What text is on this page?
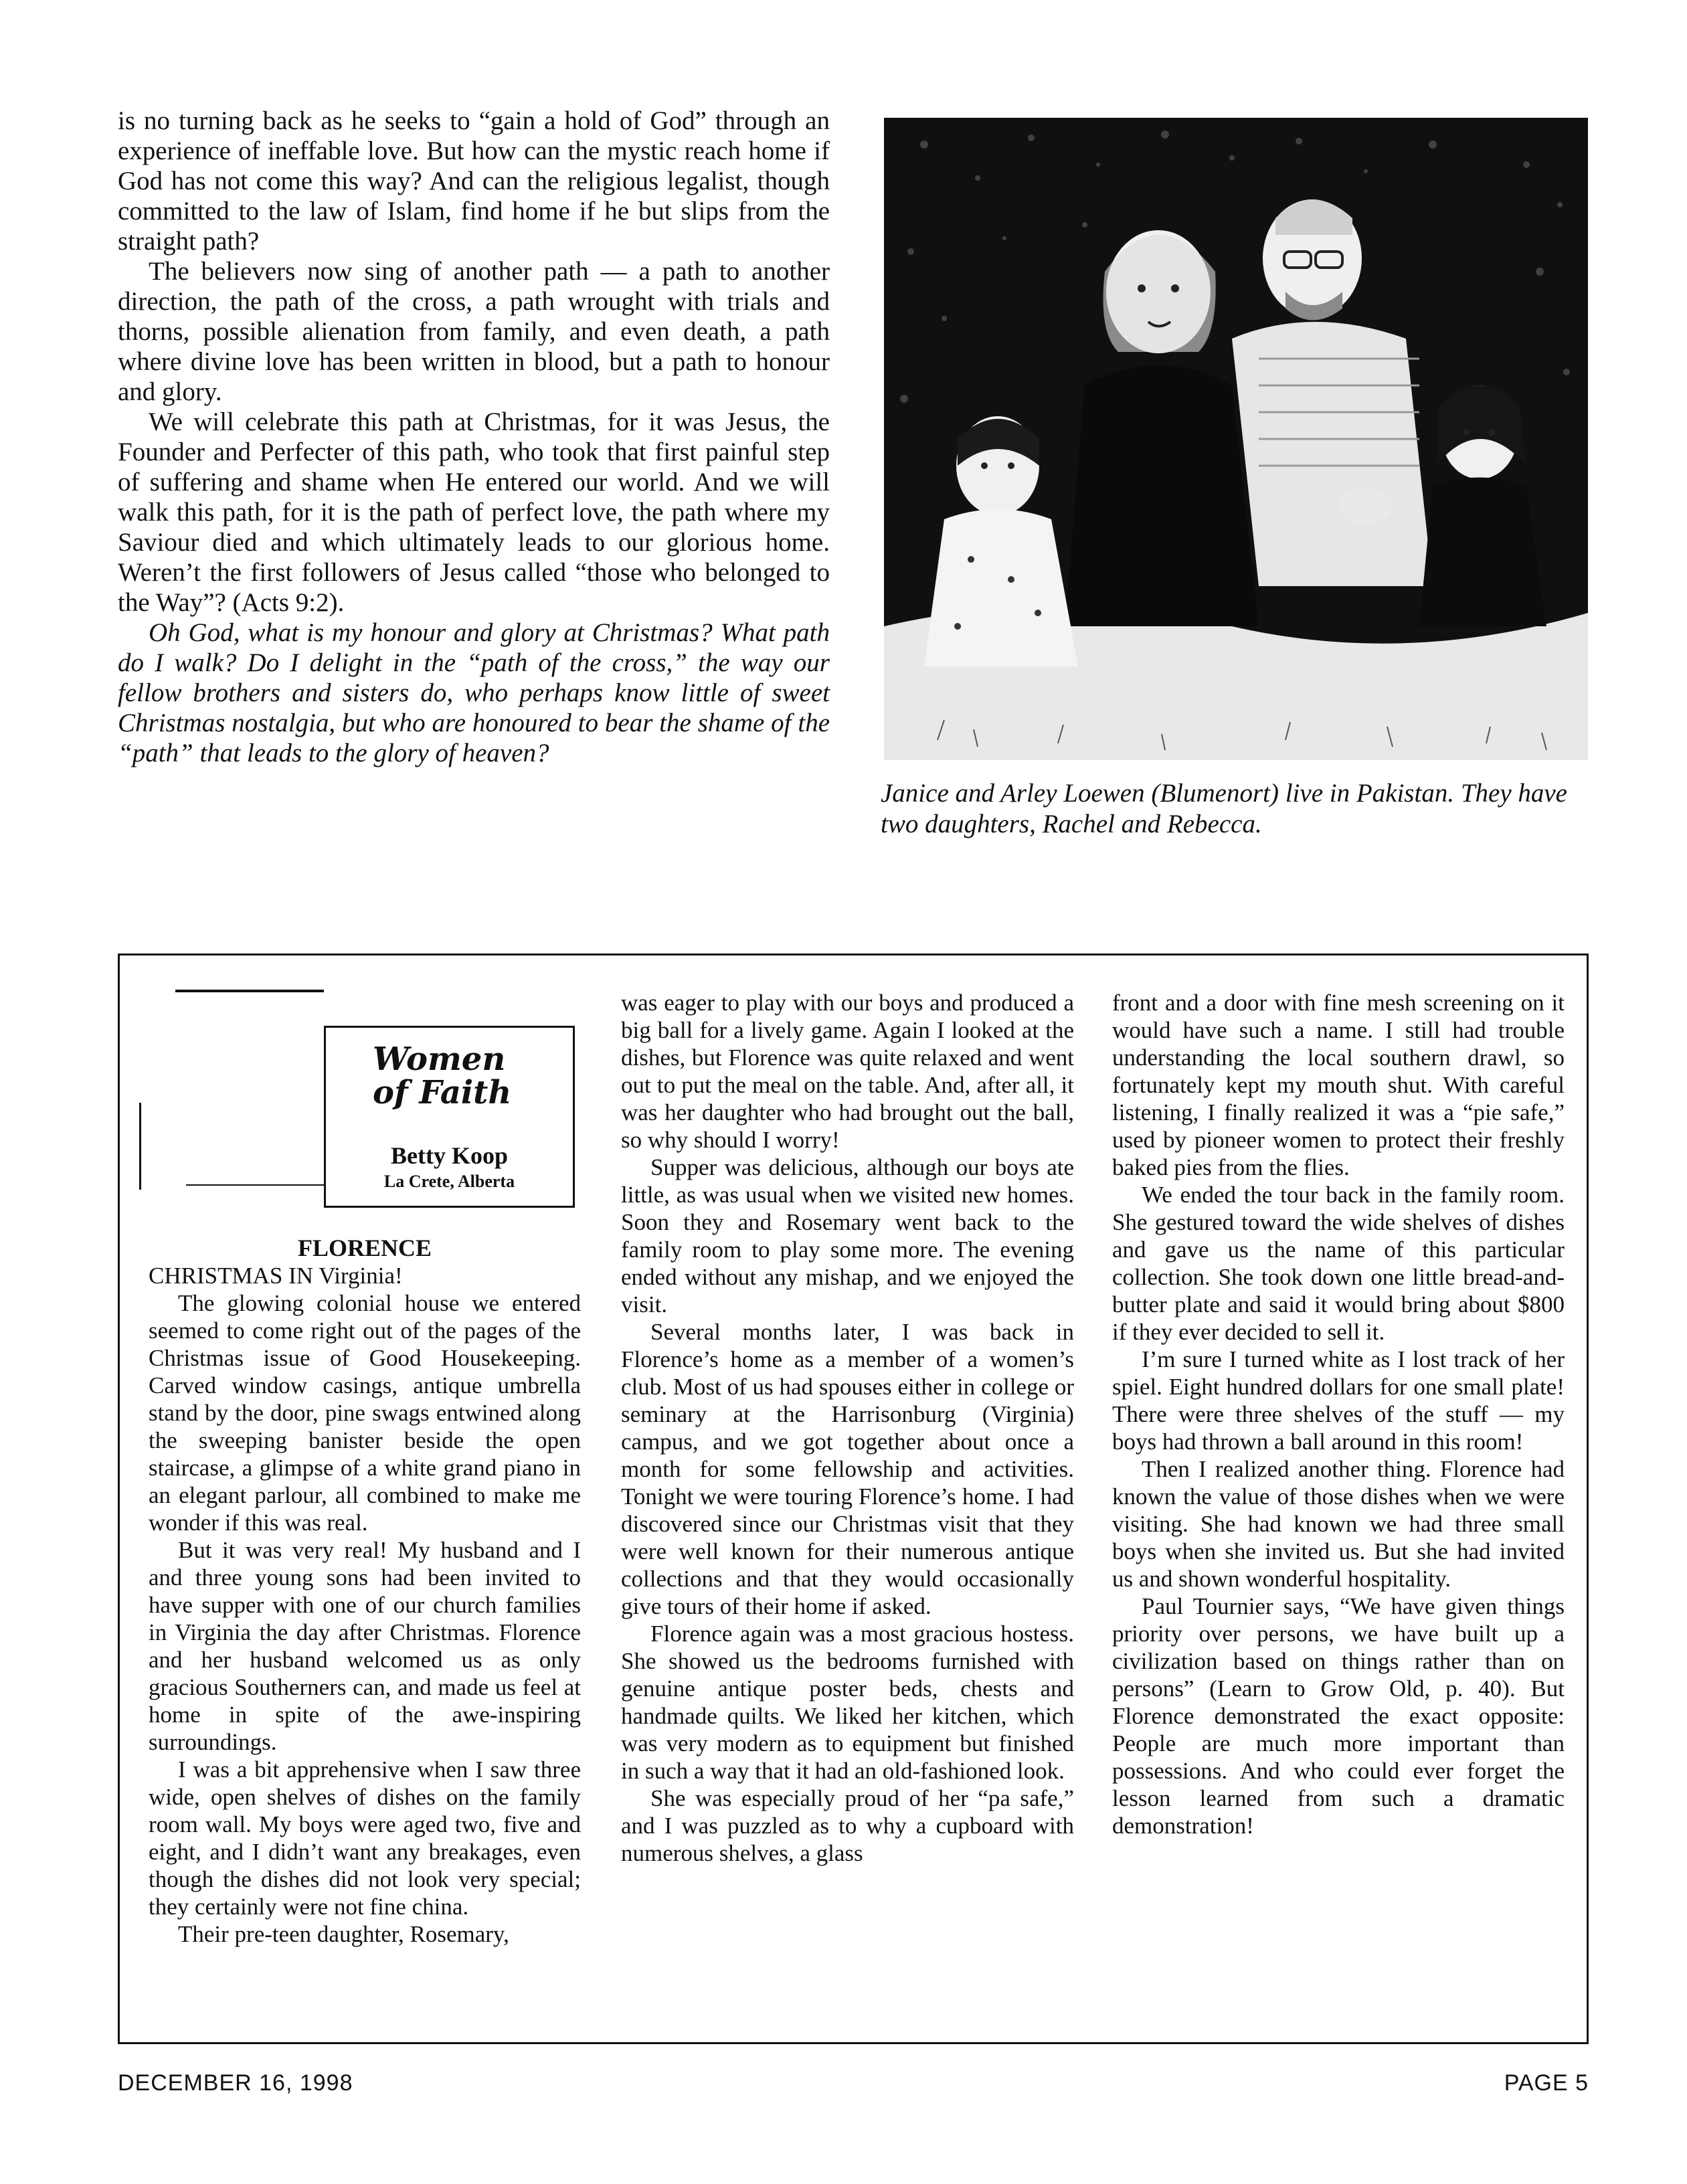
is no turning back as he seeks to “gain a hold of God” through an experience of ineffable love. But how can the mystic reach home if God has not come this way? And can the religious legalist, though committed to the law of Islam, find home if he but slips from the straight path?

The believers now sing of another path — a path to another direction, the path of the cross, a path wrought with trials and thorns, possible alienation from family, and even death, a path where divine love has been written in blood, but a path to honour and glory.

We will celebrate this path at Christmas, for it was Jesus, the Founder and Perfecter of this path, who took that first painful step of suffering and shame when He entered our world. And we will walk this path, for it is the path of perfect love, the path where my Saviour died and which ultimately leads to our glorious home. Weren’t the first followers of Jesus called “those who belonged to the Way”? (Acts 9:2).

Oh God, what is my honour and glory at Christmas? What path do I walk? Do I delight in the “path of the cross,” the way our fellow brothers and sisters do, who perhaps know little of sweet Christmas nostalgia, but who are honoured to bear the shame of the “path” that leads to the glory of heaven?

Janice and Arley Loewen (Blumenort) live in Pakistan. They have two daughters, Rachel and Rebecca.
Women
of Faith
Betty Koop
La Crete, Alberta

FLORENCE

CHRISTMAS IN Virginia!

The glowing colonial house we entered seemed to come right out of the pages of the Christmas issue of Good Housekeeping. Carved window casings, antique umbrella stand by the door, pine swags entwined along the sweeping banister beside the open staircase, a glimpse of a white grand piano in an elegant parlour, all combined to make me wonder if this was real.

But it was very real! My husband and I and three young sons had been invited to have supper with one of our church families in Virginia the day after Christmas. Florence and her husband welcomed us as only gracious Southerners can, and made us feel at home in spite of the awe-inspiring surroundings.

I was a bit apprehensive when I saw three wide, open shelves of dishes on the family room wall. My boys were aged two, five and eight, and I didn’t want any breakages, even though the dishes did not look very special; they certainly were not fine china.

Their pre-teen daughter, Rosemary,

was eager to play with our boys and produced a big ball for a lively game. Again I looked at the dishes, but Florence was quite relaxed and went out to put the meal on the table. And, after all, it was her daughter who had brought out the ball, so why should I worry!

Supper was delicious, although our boys ate little, as was usual when we visited new homes. Soon they and Rosemary went back to the family room to play some more. The evening ended without any mishap, and we enjoyed the visit.

Several months later, I was back in Florence’s home as a member of a women’s club. Most of us had spouses either in college or seminary at the Harrisonburg (Virginia) campus, and we got together about once a month for some fellowship and activities. Tonight we were touring Florence’s home. I had discovered since our Christmas visit that they were well known for their numerous antique collections and that they would occasionally give tours of their home if asked.

Florence again was a most gracious hostess. She showed us the bedrooms furnished with genuine antique poster beds, chests and handmade quilts. We liked her kitchen, which was very modern as to equipment but finished in such a way that it had an old-fashioned look.

She was especially proud of her “pa safe,” and I was puzzled as to why a cupboard with numerous shelves, a glass

front and a door with fine mesh screening on it would have such a name. I still had trouble understanding the local southern drawl, so fortunately kept my mouth shut. With careful listening, I finally realized it was a “pie safe,” used by pioneer women to protect their freshly baked pies from the flies.

We ended the tour back in the family room. She gestured toward the wide shelves of dishes and gave us the name of this particular collection. She took down one little bread-and-butter plate and said it would bring about $800 if they ever decided to sell it.

I’m sure I turned white as I lost track of her spiel. Eight hundred dollars for one small plate! There were three shelves of the stuff — my boys had thrown a ball around in this room!

Then I realized another thing. Florence had known the value of those dishes when we were visiting. She had known we had three small boys when she invited us. But she had invited us and shown wonderful hospitality.

Paul Tournier says, “We have given things priority over persons, we have built up a civilization based on things rather than on persons” (Learn to Grow Old, p. 40). But Florence demonstrated the exact opposite: People are much more important than possessions. And who could ever forget the lesson learned from such a dramatic demonstration!

DECEMBER 16, 1998	PAGE 5
